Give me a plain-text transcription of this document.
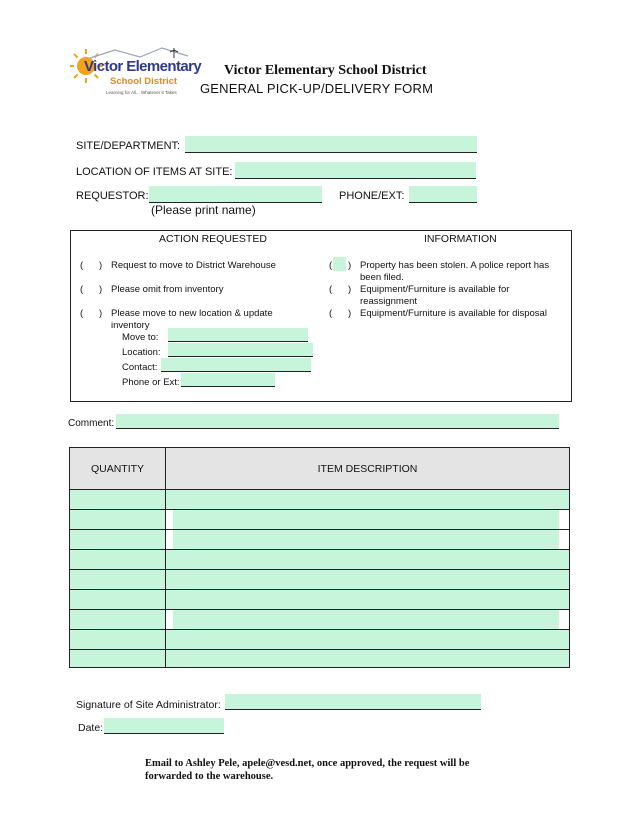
Victor Elementary
School District
Learning for All... Whatever it Takes
Victor Elementary School District
GENERAL PICK-UP/DELIVERY FORM
SITE/DEPARTMENT:
LOCATION OF ITEMS AT SITE:
REQUESTOR:	PHONE/EXT:
(Please print name)
ACTION REQUESTED	INFORMATION
(      ) Request to move to District Warehouse
(      ) Please omit from inventory
(      ) Please move to new location & update inventory
Move to:
Location:
Contact:
Phone or Ext:
(      ) Property has been stolen. A police report has been filed.
(      ) Equipment/Furniture is available for reassignment
(      ) Equipment/Furniture is available for disposal
Comment:
QUANTITY	ITEM DESCRIPTION
Signature of Site Administrator:
Date:
Email to Ashley Pele, apele@vesd.net, once approved, the request will be
forwarded to the warehouse.
